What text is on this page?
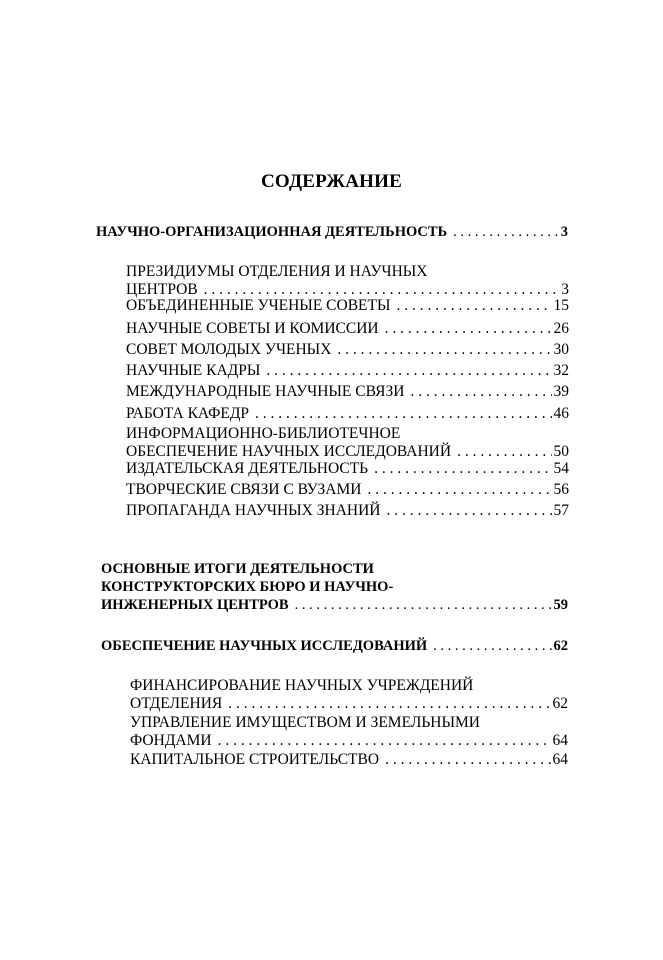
СОДЕРЖАНИЕ
НАУЧНО-ОРГАНИЗАЦИОННАЯ ДЕЯТЕЛЬНОСТЬ . . .	3
ПРЕЗИДИУМЫ ОТДЕЛЕНИЯ И НАУЧНЫХ
ЦЕНТРОВ . . .	3
ОБЪЕДИНЕННЫЕ УЧЕНЫЕ СОВЕТЫ . . .	15
НАУЧНЫЕ СОВЕТЫ И КОМИССИИ . . .	26
СОВЕТ МОЛОДЫХ УЧЕНЫХ . . .	30
НАУЧНЫЕ КАДРЫ . . .	32
МЕЖДУНАРОДНЫЕ НАУЧНЫЕ СВЯЗИ . . .	39
РАБОТА КАФЕДР . . .	46
ИНФОРМАЦИОННО-БИБЛИОТЕЧНОЕ
ОБЕСПЕЧЕНИЕ НАУЧНЫХ ИССЛЕДОВАНИЙ . . .	50
ИЗДАТЕЛЬСКАЯ ДЕЯТЕЛЬНОСТЬ . . .	54
ТВОРЧЕСКИЕ СВЯЗИ С ВУЗАМИ . . .	56
ПРОПАГАНДА НАУЧНЫХ ЗНАНИЙ . . .	57
ОСНОВНЫЕ ИТОГИ ДЕЯТЕЛЬНОСТИ
КОНСТРУКТОРСКИХ БЮРО И НАУЧНО-
ИНЖЕНЕРНЫХ ЦЕНТРОВ . . .	59
ОБЕСПЕЧЕНИЕ НАУЧНЫХ ИССЛЕДОВАНИЙ . . .	62
ФИНАНСИРОВАНИЕ НАУЧНЫХ УЧРЕЖДЕНИЙ
ОТДЕЛЕНИЯ . . .	62
УПРАВЛЕНИЕ ИМУЩЕСТВОМ И ЗЕМЕЛЬНЫМИ
ФОНДАМИ . . .	64
КАПИТАЛЬНОЕ СТРОИТЕЛЬСТВО . . .	64
